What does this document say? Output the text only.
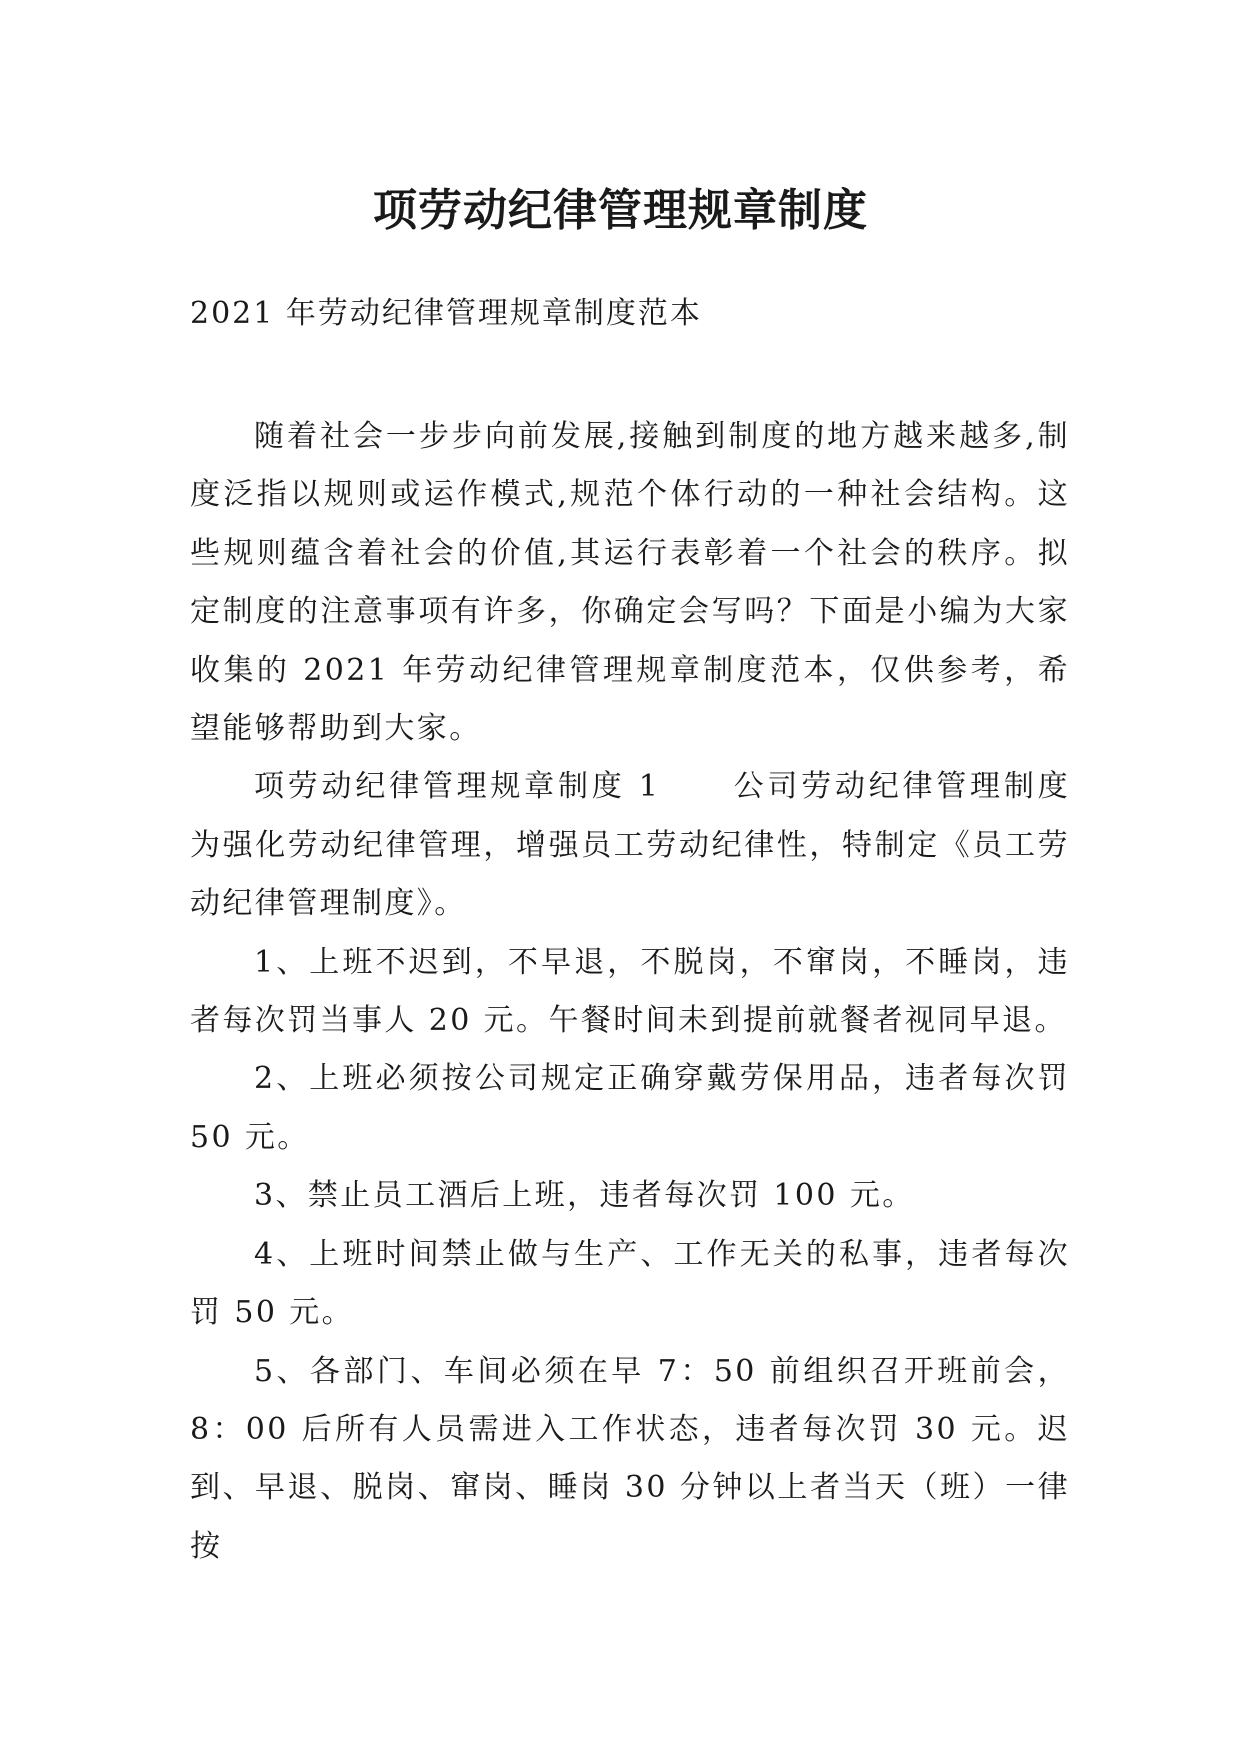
项劳动纪律管理规章制度
2021 年劳动纪律管理规章制度范本

随着社会一步步向前发展,接触到制度的地方越来越多,制度泛指以规则或运作模式,规范个体行动的一种社会结构。这些规则蕴含着社会的价值,其运行表彰着一个社会的秩序。拟定制度的注意事项有许多，你确定会写吗？下面是小编为大家收集的 2021 年劳动纪律管理规章制度范本，仅供参考，希望能够帮助到大家。

项劳动纪律管理规章制度 1 公司劳动纪律管理制度为强化劳动纪律管理，增强员工劳动纪律性，特制定《员工劳动纪律管理制度》。

1、上班不迟到，不早退，不脱岗，不窜岗，不睡岗，违者每次罚当事人 20 元。午餐时间未到提前就餐者视同早退。

2、上班必须按公司规定正确穿戴劳保用品，违者每次罚 50 元。

3、禁止员工酒后上班，违者每次罚 100 元。

4、上班时间禁止做与生产、工作无关的私事，违者每次罚 50 元。

5、各部门、车间必须在早 7：50 前组织召开班前会，8：00 后所有人员需进入工作状态，违者每次罚 30 元。迟到、早退、脱岗、窜岗、睡岗 30 分钟以上者当天（班）一律按
